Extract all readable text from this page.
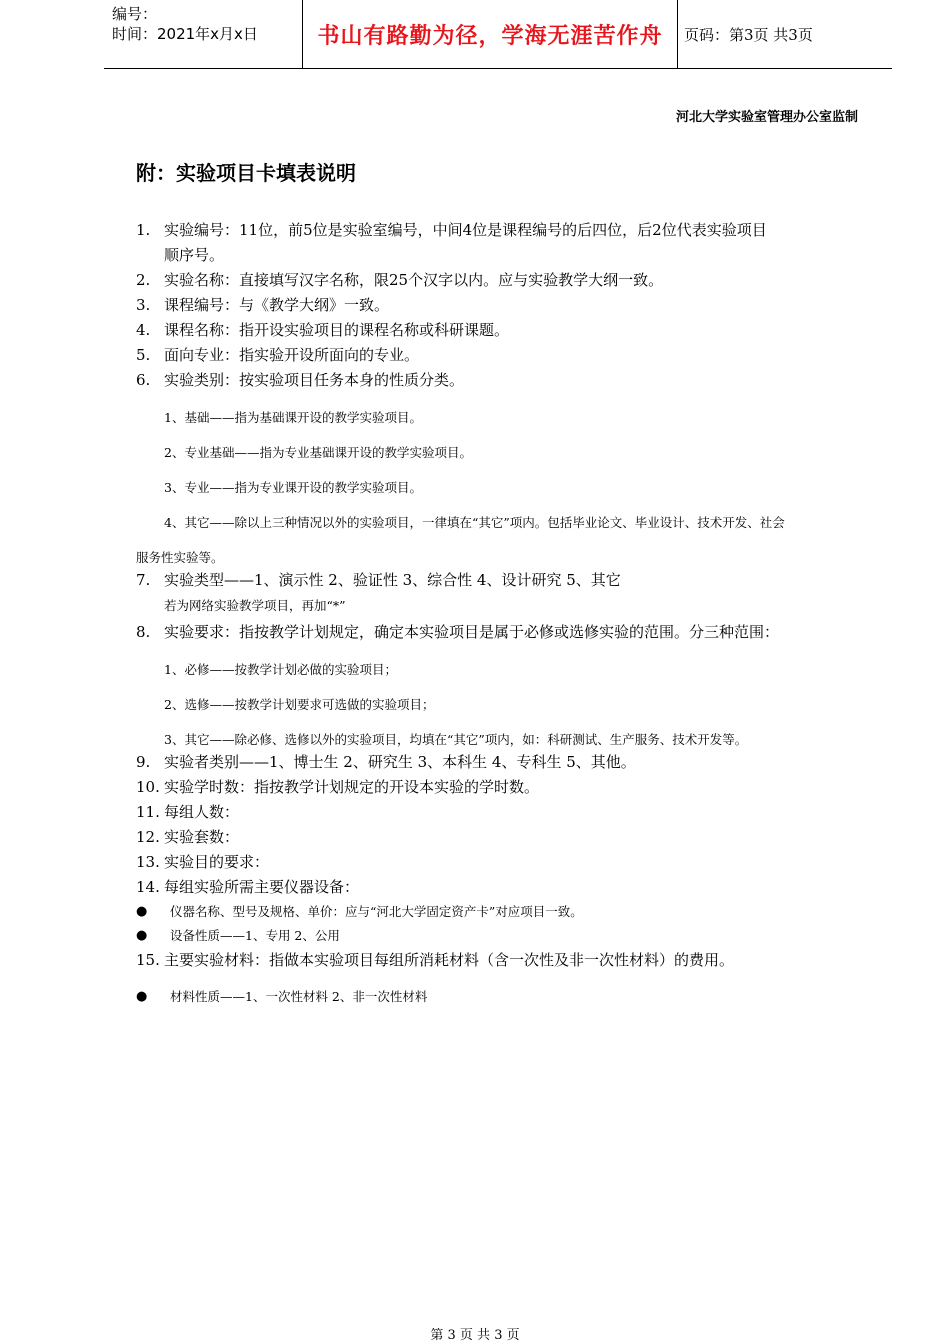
编号：
时间：2021年x月x日	书山有路勤为径，学海无涯苦作舟	页码：第3页 共3页
河北大学实验室管理办公室监制
附：实验项目卡填表说明
1. 实验编号：11位，前5位是实验室编号，中间4位是课程编号的后四位，后2位代表实验项目
顺序号。
2. 实验名称：直接填写汉字名称，限25个汉字以内。应与实验教学大纲一致。
3. 课程编号：与《教学大纲》一致。
4. 课程名称：指开设实验项目的课程名称或科研课题。
5. 面向专业：指实验开设所面向的专业。
6. 实验类别：按实验项目任务本身的性质分类。
1、基础——指为基础课开设的教学实验项目。
2、专业基础——指为专业基础课开设的教学实验项目。
3、专业——指为专业课开设的教学实验项目。
4、其它——除以上三种情况以外的实验项目，一律填在“其它”项内。包括毕业论文、毕业设计、技术开发、社会
服务性实验等。
7. 实验类型——1、演示性 2、验证性 3、综合性 4、设计研究 5、其它
若为网络实验教学项目，再加“*”
8. 实验要求：指按教学计划规定，确定本实验项目是属于必修或选修实验的范围。分三种范围：
1、必修——按教学计划必做的实验项目；
2、选修——按教学计划要求可选做的实验项目；
3、其它——除必修、选修以外的实验项目，均填在“其它”项内，如：科研测试、生产服务、技术开发等。
9. 实验者类别——1、博士生 2、研究生 3、本科生 4、专科生 5、其他。
10. 实验学时数：指按教学计划规定的开设本实验的学时数。
11. 每组人数：
12. 实验套数：
13. 实验目的要求：
14. 每组实验所需主要仪器设备：
●	仪器名称、型号及规格、单价：应与“河北大学固定资产卡”对应项目一致。
●	设备性质——1、专用 2、公用
15. 主要实验材料：指做本实验项目每组所消耗材料（含一次性及非一次性材料）的费用。
●	材料性质——1、一次性材料 2、非一次性材料
第 3 页 共 3 页
